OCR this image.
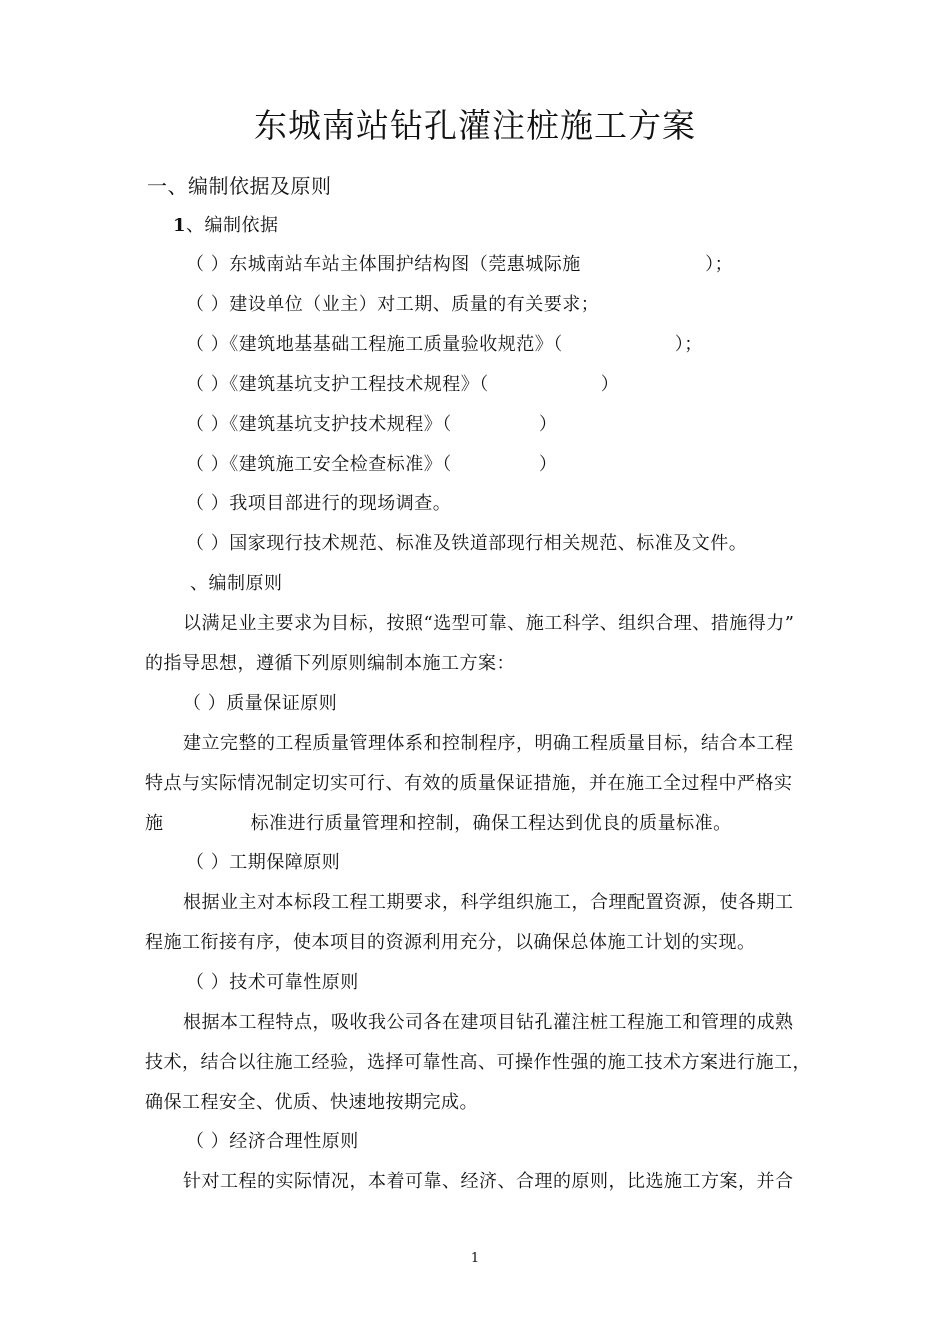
东城南站钻孔灌注桩施工方案
一、编制依据及原则
1、编制依据
（ ）东城南站车站主体围护结构图（莞惠城际施                    ）；
（ ）建设单位（业主）对工期、质量的有关要求；
（ ）《建筑地基基础工程施工质量验收规范》（                  ）；
（ ）《建筑基坑支护工程技术规程》（                  ）
（ ）《建筑基坑支护技术规程》（              ）
（ ）《建筑施工安全检查标准》（              ）
（ ）我项目部进行的现场调查。
（ ）国家现行技术规范、标准及铁道部现行相关规范、标准及文件。
、编制原则
以满足业主要求为目标，按照“选型可靠、施工科学、组织合理、措施得力”
的指导思想，遵循下列原则编制本施工方案：
（ ）质量保证原则
建立完整的工程质量管理体系和控制程序，明确工程质量目标，结合本工程
特点与实际情况制定切实可行、有效的质量保证措施，并在施工全过程中严格实
施              标准进行质量管理和控制，确保工程达到优良的质量标准。
（ ）工期保障原则
根据业主对本标段工程工期要求，科学组织施工，合理配置资源，使各期工
程施工衔接有序，使本项目的资源利用充分，以确保总体施工计划的实现。
（ ）技术可靠性原则
根据本工程特点，吸收我公司各在建项目钻孔灌注桩工程施工和管理的成熟
技术，结合以往施工经验，选择可靠性高、可操作性强的施工技术方案进行施工，
确保工程安全、优质、快速地按期完成。
（ ）经济合理性原则
针对工程的实际情况，本着可靠、经济、合理的原则，比选施工方案，并合
1
